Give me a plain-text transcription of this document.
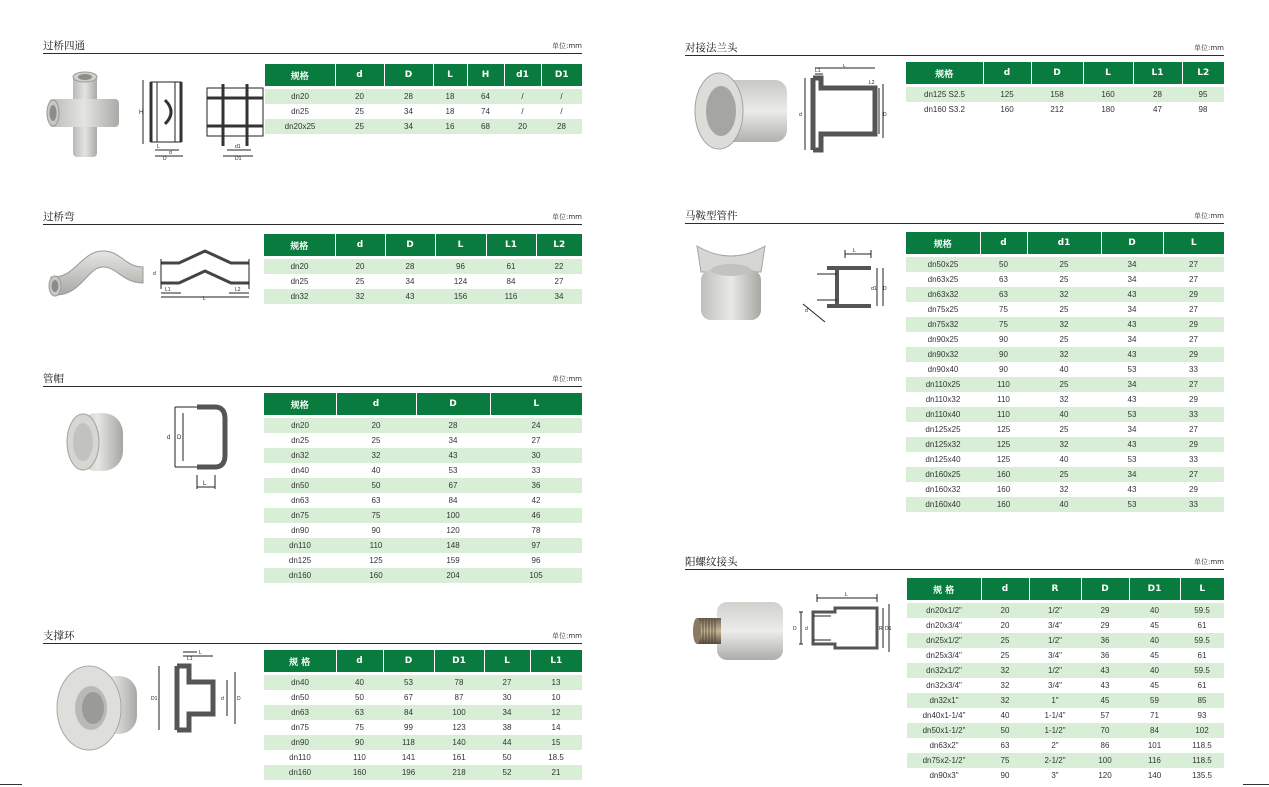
过桥四通	单位:mm
H
L
D
d
d1
D1
规格	d	D	L	H	d1	D1

dn20	20	28	18	64	/	/
dn25	25	34	18	74	/	/
dn20x25	25	34	16	68	20	28
过桥弯	单位:mm
d
L1	L2
L
规格	d	D	L	L1	L2

dn20	20	28	96	61	22
dn25	25	34	124	84	27
dn32	32	43	156	116	34
管帽	单位:mm
d D
L
规格	d	D	L

dn20	20	28	24
dn25	25	34	27
dn32	32	43	30
dn40	40	53	33
dn50	50	67	36
dn63	63	84	42
dn75	75	100	46
dn90	90	120	78
dn110	110	148	97
dn125	125	159	96
dn160	160	204	105
支撑环	单位:mm
L1
L
D1	d	D
规 格	d	D	D1	L	L1

dn40	40	53	78	27	13
dn50	50	67	87	30	10
dn63	63	84	100	34	12
dn75	75	99	123	38	14
dn90	90	118	140	44	15
dn110	110	141	161	50	18.5
dn160	160	196	218	52	21
对接法兰头	单位:mm
L1
L
L2
d	D
规格	d	D	L	L1	L2

dn125 S2.5	125	158	160	28	95
dn160 S3.2	160	212	180	47	98
马鞍型管件	单位:mm
L
d1 D
d
规格	d	d1	D	L

dn50x25	50	25	34	27
dn63x25	63	25	34	27
dn63x32	63	32	43	29
dn75x25	75	25	34	27
dn75x32	75	32	43	29
dn90x25	90	25	34	27
dn90x32	90	32	43	29
dn90x40	90	40	53	33
dn110x25	110	25	34	27
dn110x32	110	32	43	29
dn110x40	110	40	53	33
dn125x25	125	25	34	27
dn125x32	125	32	43	29
dn125x40	125	40	53	33
dn160x25	160	25	34	27
dn160x32	160	32	43	29
dn160x40	160	40	53	33
阳螺纹接头	单位:mm
L
D d	R D1
规 格	d	R	D	D1	L

dn20x1/2"	20	1/2"	29	40	59.5
dn20x3/4"	20	3/4"	29	45	61
dn25x1/2"	25	1/2"	36	40	59.5
dn25x3/4"	25	3/4"	36	45	61
dn32x1/2"	32	1/2"	43	40	59.5
dn32x3/4"	32	3/4"	43	45	61
dn32x1"	32	1"	45	59	85
dn40x1-1/4"	40	1-1/4"	57	71	93
dn50x1-1/2"	50	1-1/2"	70	84	102
dn63x2"	63	2"	86	101	118.5
dn75x2-1/2"	75	2-1/2"	100	116	118.5
dn90x3"	90	3"	120	140	135.5
